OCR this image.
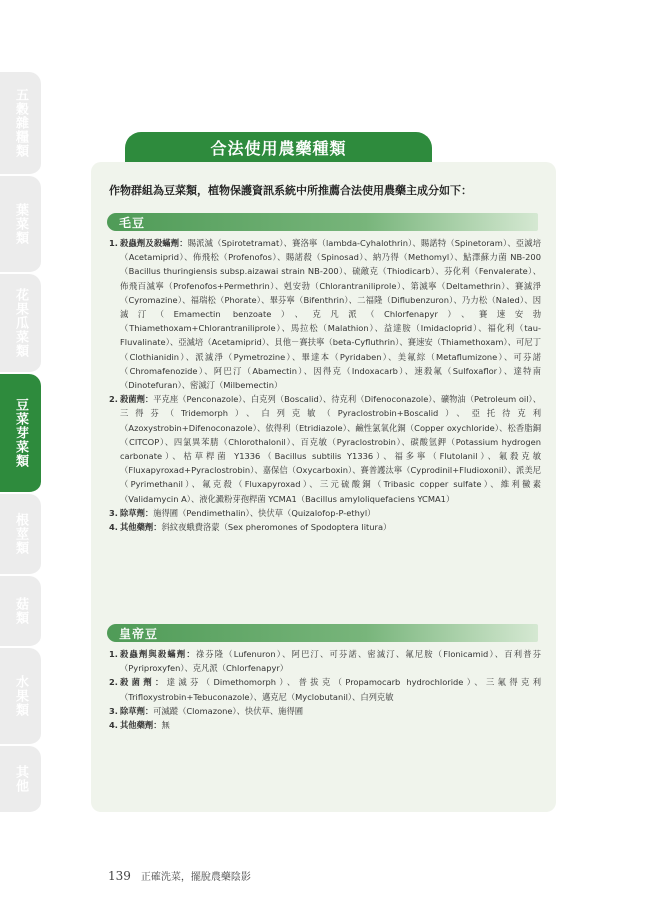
五穀雜糧類
葉菜類
花果瓜菜類
豆菜芽菜類
根莖類
菇類
水果類
其他
合法使用農藥種類
作物群組為豆菜類，植物保護資訊系統中所推薦合法使用農藥主成分如下：
毛豆
1. 殺蟲劑及殺蟎劑：賜派滅（Spirotetramat）、賽洛寧（lambda-Cyhalothrin）、賜諾特（Spinetoram）、亞滅培（Acetamiprid）、佈飛松（Profenofos）、賜諾殺（Spinosad）、納乃得（Methomyl）、鮎澤蘇力菌 NB-200（Bacillus thuringiensis subsp.aizawai strain NB-200）、硫敵克（Thiodicarb）、芬化利（Fenvalerate）、佈飛百滅寧（Profenofos+Permethrin）、剋安勃（Chlorantraniliprole）、第滅寧（Deltamethrin）、賽滅淨（Cyromazine）、福瑞松（Phorate）、畢芬寧（Bifenthrin）、二福隆（Diflubenzuron）、乃力松（Naled）、因滅汀（Emamectin benzoate）、克凡派（Chlorfenapyr）、賽速安勃（Thiamethoxam+Chlorantraniliprole）、馬拉松（Malathion）、益達胺（Imidacloprid）、福化利（tau-Fluvalinate）、亞滅培（Acetamiprid）、貝他－賽扶寧（beta-Cyfluthrin）、賽速安（Thiamethoxam）、可尼丁（Clothianidin）、派滅淨（Pymetrozine）、畢達本（Pyridaben）、美氟綜（Metaflumizone）、可芬諾（Chromafenozide）、阿巴汀（Abamectin）、因得克（Indoxacarb）、速殺氟（Sulfoxaflor）、達特南（Dinotefuran）、密滅汀（Milbemectin）
2. 殺菌劑：平克座（Penconazole）、白克列（Boscalid）、待克利（Difenoconazole）、礦物油（Petroleum oil）、三得芬（Tridemorph）、白列克敏（Pyraclostrobin+Boscalid）、亞托待克利（Azoxystrobin+Difenoconazole）、依得利（Etridiazole）、鹼性氯氧化銅（Copper oxychloride）、松香脂銅（CITCOP）、四氯異苯腈（Chlorothalonil）、百克敏（Pyraclostrobin）、碳酸氫鉀（Potassium hydrogen carbonate）、枯草桿菌 Y1336（Bacillus subtilis Y1336）、福多寧（Flutolanil）、氟殺克敏（Fluxapyroxad+Pyraclostrobin）、嘉保信（Oxycarboxin）、賽普護汰寧（Cyprodinil+Fludioxonil）、派美尼（Pyrimethanil）、氟克殺（Fluxapyroxad）、三元硫酸銅（Tribasic copper sulfate）、維利黴素（Validamycin A）、液化澱粉芽孢桿菌 YCMA1（Bacillus amyloliquefaciens YCMA1）
3. 除草劑：施得圃（Pendimethalin）、快伏草（Quizalofop-P-ethyl）
4. 其他藥劑：斜紋夜蛾費洛蒙（Sex pheromones of Spodoptera litura）
皇帝豆
1. 殺蟲劑與殺蟎劑：祿芬隆（Lufenuron）、阿巴汀、可芬諾、密滅汀、氟尼胺（Flonicamid）、百利普芬（Pyriproxyfen）、克凡派（Chlorfenapyr）
2. 殺菌劑：達滅芬（Dimethomorph）、普拔克（Propamocarb hydrochloride）、三氟得克利（Trifloxystrobin+Tebuconazole）、邁克尼（Myclobutanil）、白列克敏
3. 除草劑：可滅蹤（Clomazone）、快伏草、施得圃
4. 其他藥劑：無
139 正確洗菜，擺脫農藥陰影
